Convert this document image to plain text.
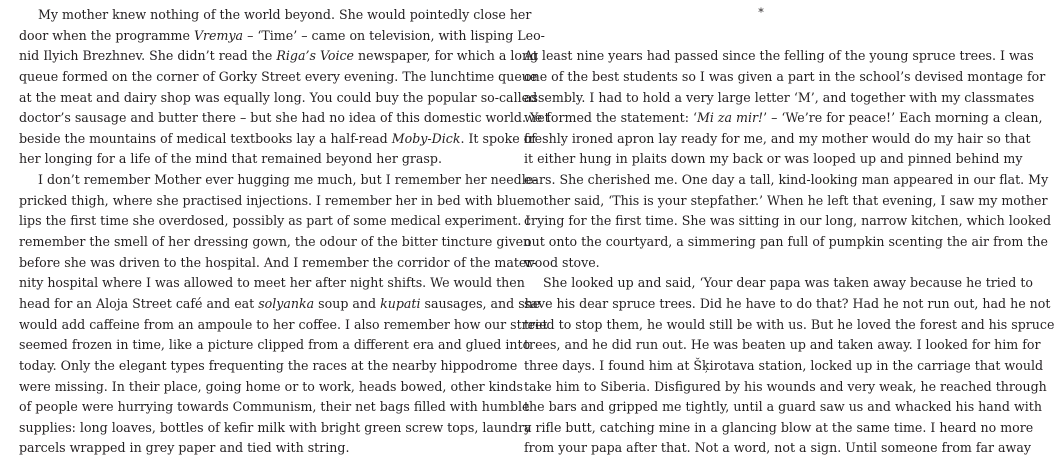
My mother knew nothing of the world beyond. She would pointedly close her
door when the programme Vremya – ‘Time’ – came on television, with lisping Leo-
nid Ilyich Brezhnev. She didn’t read the Riga’s Voice newspaper, for which a long
queue formed on the corner of Gorky Street every evening. The lunchtime queue
at the meat and dairy shop was equally long. You could buy the popular so-called
doctor’s sausage and butter there – but she had no idea of this domestic world. Yet
beside the mountains of medical textbooks lay a half-read Moby-Dick. It spoke of
her longing for a life of the mind that remained beyond her grasp.
I don’t remember Mother ever hugging me much, but I remember her needle-
pricked thigh, where she practised injections. I remember her in bed with blue
lips the first time she overdosed, possibly as part of some medical experiment. I
remember the smell of her dressing gown, the odour of the bitter tincture given
before she was driven to the hospital. And I remember the corridor of the mater-
nity hospital where I was allowed to meet her after night shifts. We would then
head for an Aloja Street café and eat solyanka soup and kupati sausages, and she
would add caffeine from an ampoule to her coffee. I also remember how our street
seemed frozen in time, like a picture clipped from a different era and glued into
today. Only the elegant types frequenting the races at the nearby hippodrome
were missing. In their place, going home or to work, heads bowed, other kinds
of people were hurrying towards Communism, their net bags filled with humble
supplies: long loaves, bottles of kefir milk with bright green screw tops, laundry
parcels wrapped in grey paper and tied with string.
*
At least nine years had passed since the felling of the young spruce trees. I was
one of the best students so I was given a part in the school’s devised montage for
assembly. I had to hold a very large letter ‘M’, and together with my classmates
we formed the statement: ‘Mi za mir!’ – ‘We’re for peace!’ Each morning a clean,
freshly ironed apron lay ready for me, and my mother would do my hair so that
it either hung in plaits down my back or was looped up and pinned behind my
ears. She cherished me. One day a tall, kind-looking man appeared in our flat. My
mother said, ‘This is your stepfather.’ When he left that evening, I saw my mother
crying for the first time. She was sitting in our long, narrow kitchen, which looked
out onto the courtyard, a simmering pan full of pumpkin scenting the air from the
wood stove.
She looked up and said, ‘Your dear papa was taken away because he tried to
save his dear spruce trees. Did he have to do that? Had he not run out, had he not
tried to stop them, he would still be with us. But he loved the forest and his spruce
trees, and he did run out. He was beaten up and taken away. I looked for him for
three days. I found him at Šķirotava station, locked up in the carriage that would
take him to Siberia. Disfigured by his wounds and very weak, he reached through
the bars and gripped me tightly, until a guard saw us and whacked his hand with
a rifle butt, catching mine in a glancing blow at the same time. I heard no more
from your papa after that. Not a word, not a sign. Until someone from far away
